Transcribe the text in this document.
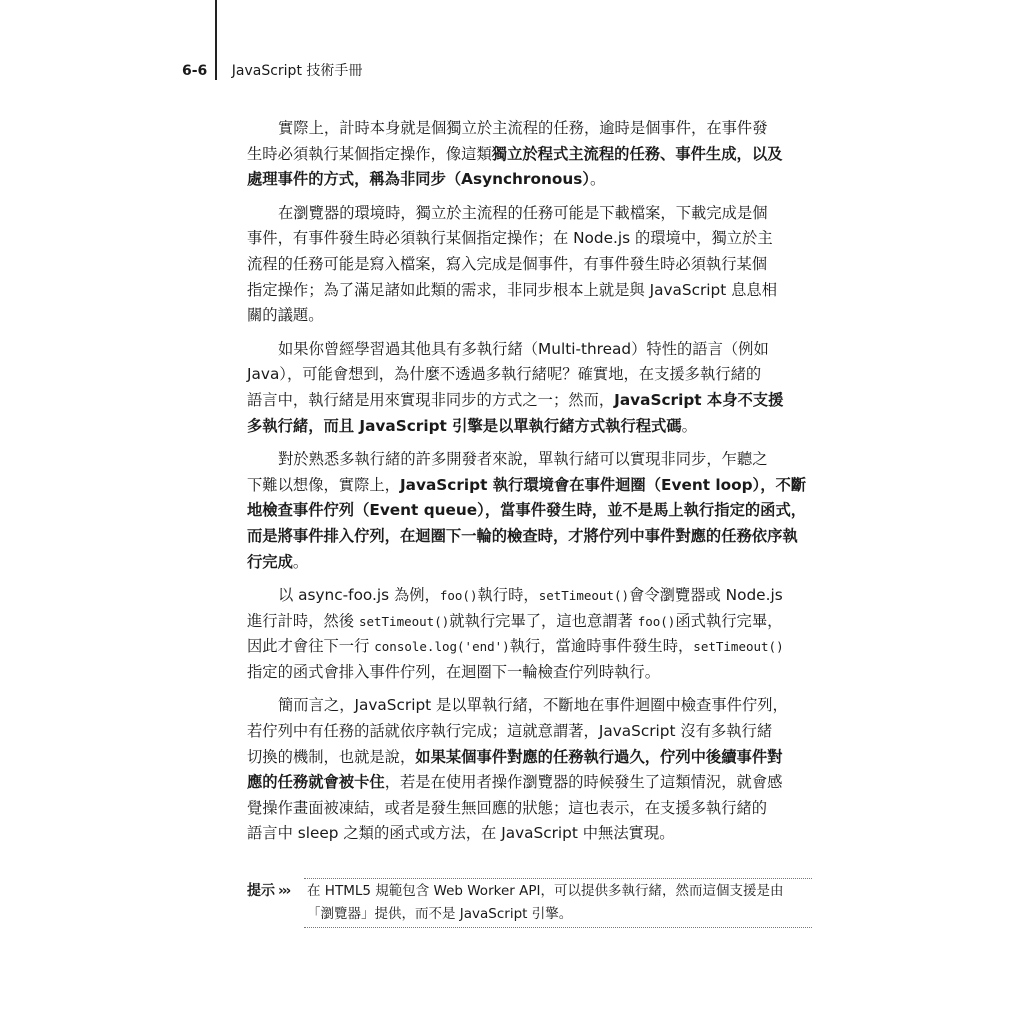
6-6 JavaScript 技術手冊

實際上，計時本身就是個獨立於主流程的任務，逾時是個事件，在事件發
生時必須執行某個指定操作，像這類獨立於程式主流程的任務、事件生成，以及
處理事件的方式，稱為非同步（Asynchronous）。

在瀏覽器的環境時，獨立於主流程的任務可能是下載檔案，下載完成是個
事件，有事件發生時必須執行某個指定操作；在 Node.js 的環境中，獨立於主
流程的任務可能是寫入檔案，寫入完成是個事件，有事件發生時必須執行某個
指定操作；為了滿足諸如此類的需求，非同步根本上就是與 JavaScript 息息相
關的議題。

如果你曾經學習過其他具有多執行緒（Multi-thread）特性的語言（例如
Java），可能會想到，為什麼不透過多執行緒呢？確實地，在支援多執行緒的
語言中，執行緒是用來實現非同步的方式之一；然而，JavaScript 本身不支援
多執行緒，而且 JavaScript 引擎是以單執行緒方式執行程式碼。

對於熟悉多執行緒的許多開發者來說，單執行緒可以實現非同步，乍聽之
下難以想像，實際上，JavaScript 執行環境會在事件迴圈（Event loop），不斷
地檢查事件佇列（Event queue），當事件發生時，並不是馬上執行指定的函式，
而是將事件排入佇列，在迴圈下一輪的檢查時，才將佇列中事件對應的任務依序執
行完成。

以 async-foo.js 為例，foo()執行時，setTimeout()會令瀏覽器或 Node.js
進行計時，然後 setTimeout()就執行完畢了，這也意謂著 foo()函式執行完畢，
因此才會往下一行 console.log('end')執行，當逾時事件發生時，setTimeout()
指定的函式會排入事件佇列，在迴圈下一輪檢查佇列時執行。

簡而言之，JavaScript 是以單執行緒，不斷地在事件迴圈中檢查事件佇列，
若佇列中有任務的話就依序執行完成；這就意謂著，JavaScript 沒有多執行緒
切換的機制，也就是說，如果某個事件對應的任務執行過久，佇列中後續事件對
應的任務就會被卡住，若是在使用者操作瀏覽器的時候發生了這類情況，就會感
覺操作畫面被凍結，或者是發生無回應的狀態；這也表示，在支援多執行緒的
語言中 sleep 之類的函式或方法，在 JavaScript 中無法實現。

提示 ››› 在 HTML5 規範包含 Web Worker API，可以提供多執行緒，然而這個支援是由
「瀏覽器」提供，而不是 JavaScript 引擎。
